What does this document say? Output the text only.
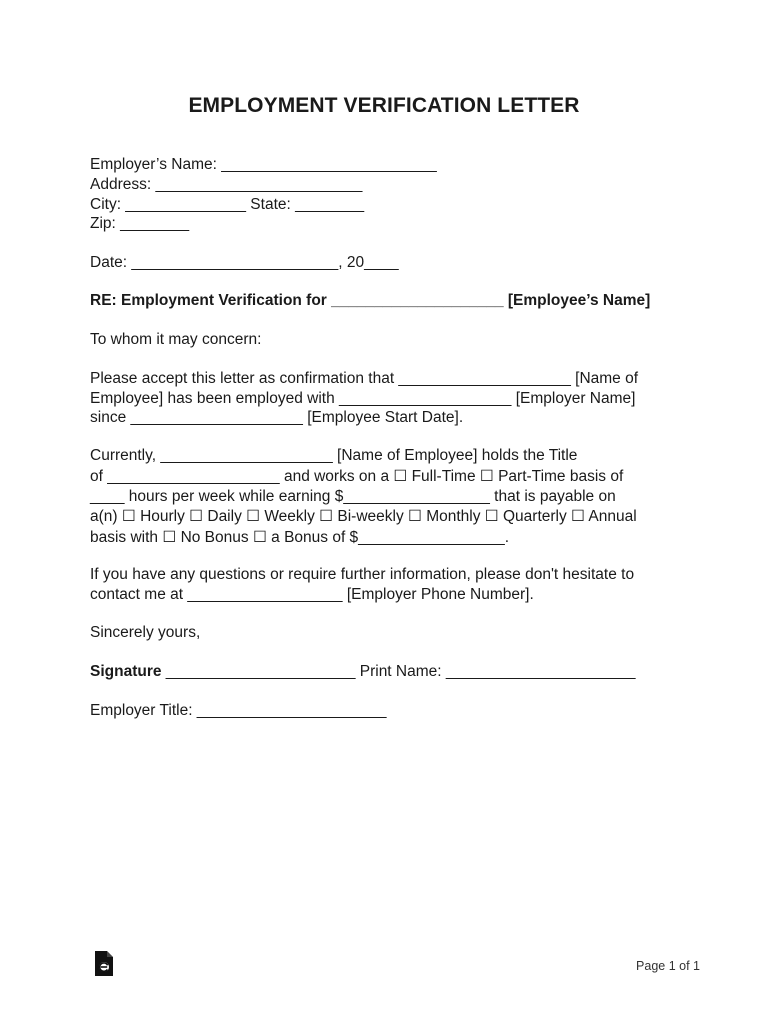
EMPLOYMENT VERIFICATION LETTER
Employer’s Name: _________________________
Address: ________________________
City: ______________ State: ________
Zip: ________
Date: ________________________, 20____
RE: Employment Verification for ____________________ [Employee’s Name]
To whom it may concern:
Please accept this letter as confirmation that ____________________ [Name of
Employee] has been employed with ____________________ [Employer Name]
since ____________________ [Employee Start Date].
Currently, ____________________ [Name of Employee] holds the Title
of ____________________ and works on a ☐ Full-Time ☐ Part-Time basis of
____ hours per week while earning $_________________ that is payable on
a(n) ☐ Hourly ☐ Daily ☐ Weekly ☐ Bi-weekly ☐ Monthly ☐ Quarterly ☐ Annual
basis with ☐ No Bonus ☐ a Bonus of $_________________.
If you have any questions or require further information, please don't hesitate to
contact me at __________________ [Employer Phone Number].
Sincerely yours,
Signature ______________________ Print Name: ______________________
Employer Title: ______________________
Page 1 of 1
